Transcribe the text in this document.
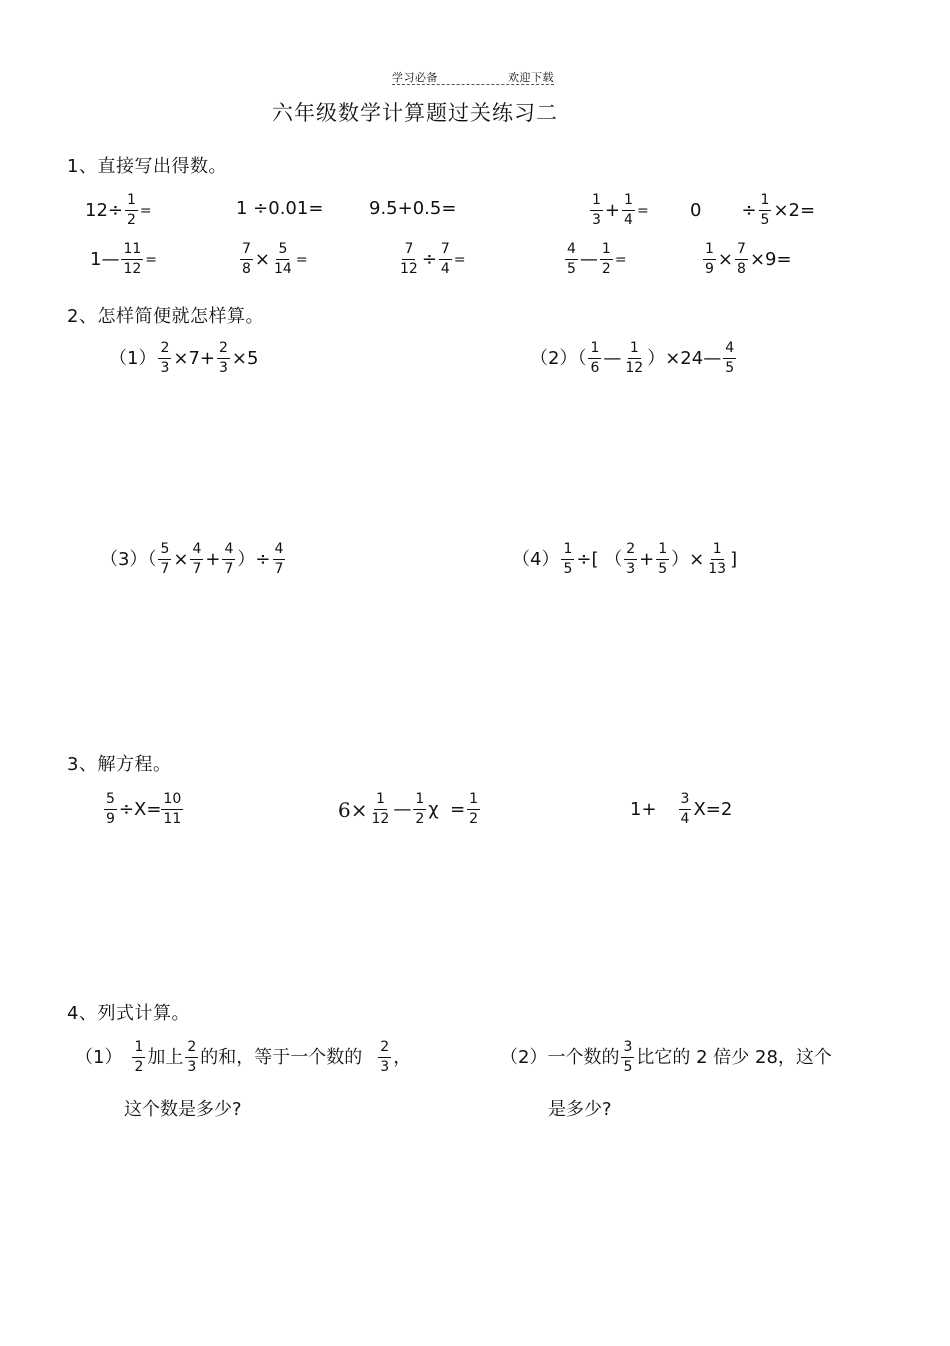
学习必备	欢迎下载
六年级数学计算题过关练习二
1、直接写出得数。
$12\div \frac{1}{2}$ =	1 ÷0.01=	9.5+0.5=	$\frac{1}{3} + \frac{1}{4} = 0 \div \frac{1}{5} \times 2=$
1— $\frac{11}{12}$ =	$\frac{7}{8} \times \frac{5}{14}$ =	$\frac{7}{12} \div \frac{7}{4}$ =	$\frac{4}{5}$ — $\frac{1}{2}$ =	$\frac{1}{9} \times \frac{7}{8} \times 9=$
2、怎样简便就怎样算。
$(1) \frac{2}{3} \times 7+ \frac{2}{3} \times 5$	$(2)( \frac{1}{6}$ — $\frac{1}{12}$ ）×24— $\frac{4}{5}$
$(3)( \frac{5}{7} \times \frac{4}{7} + \frac{4}{7}$ ）÷ $\frac{4}{7}$	$(4) \frac{1}{5}$ ÷[ （ $\frac{2}{3} + \frac{1}{5}$ ）× $\frac{1}{13}$ ]
3、解方程。
$\frac{5}{9} \div X= \frac{10}{11}$	$6\times \frac{1}{12}$ — $\frac{1}{2}$ $\chi = \frac{1}{2}$	$1+ \frac{3}{4} X=2$
4、列式计算。
$(1) \frac{1}{2}$ 加上 $\frac{2}{3}$ 的和，等于一个数的 $\frac{2}{3}$ ，
这个数是多少?
（2）一个数的 $\frac{3}{5}$ 比它的 2 倍少 28，这个
是多少?
